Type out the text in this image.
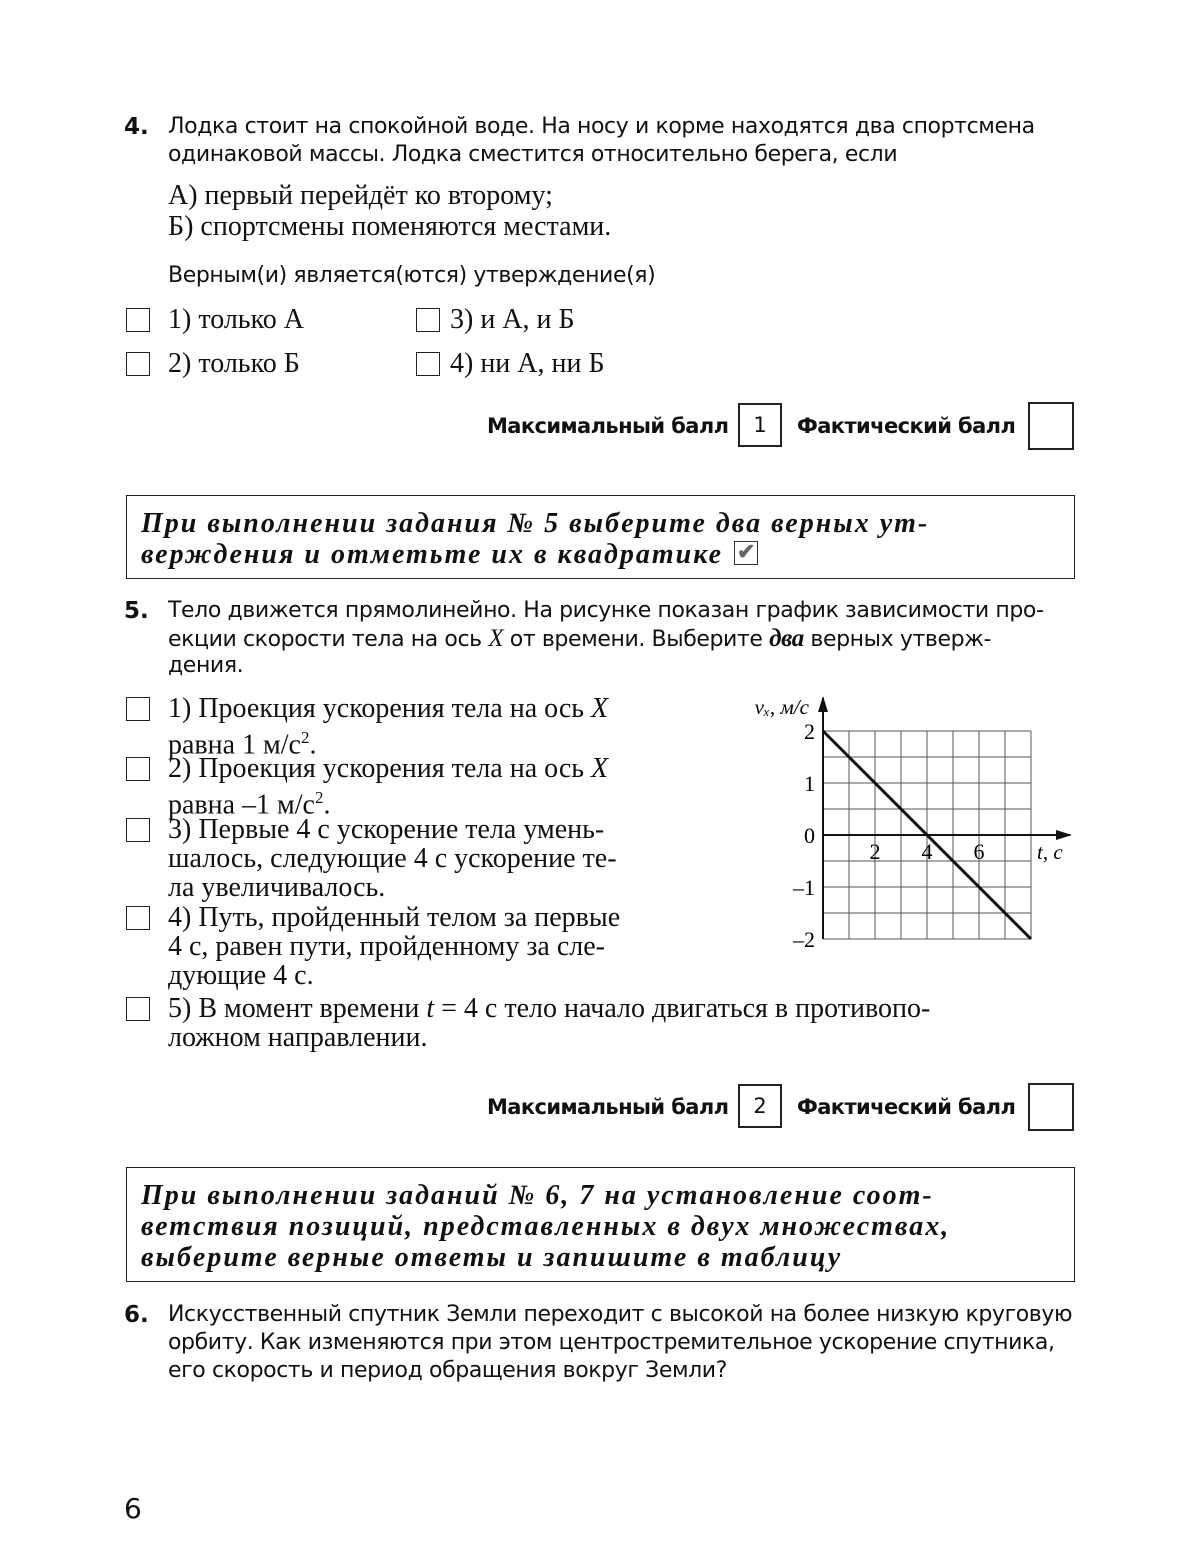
4. Лодка стоит на спокойной воде. На носу и корме находятся два спортсмена
одинаковой массы. Лодка сместится относительно берега, если
А) первый перейдёт ко второму;
Б) спортсмены поменяются местами.
Верным(и) является(ются) утверждение(я)
1) только А	3) и А, и Б
2) только Б	4) ни А, ни Б
Максимальный балл	1	Фактический балл
При выполнении задания № 5 выберите два верных ут-
верждения и отметьте их в квадратике ✔
5. Тело движется прямолинейно. На рисунке показан график зависимости про-
екции скорости тела на ось X от времени. Выберите два верных утверж-
дения.
1) Проекция ускорения тела на ось X
равна 1 $м/с^2$.
2) Проекция ускорения тела на ось X
равна –1 $м/с^2$.
3) Первые 4 с ускорение тела умень-
шалось, следующие 4 с ускорение те-
ла увеличивалось.
4) Путь, пройденный телом за первые
4 с, равен пути, пройденному за сле-
дующие 4 с.
5) В момент времени t = 4 с тело начало двигаться в противопо-
ложном направлении.
2
1
0
–1
–2
2 4 6
vₓ, м/с
t, с
Максимальный балл	2	Фактический балл
При выполнении заданий № 6, 7 на установление соот-
ветствия позиций, представленных в двух множествах,
выберите верные ответы и запишите в таблицу
6. Искусственный спутник Земли переходит с высокой на более низкую круговую
орбиту. Как изменяются при этом центростремительное ускорение спутника,
его скорость и период обращения вокруг Земли?
6
